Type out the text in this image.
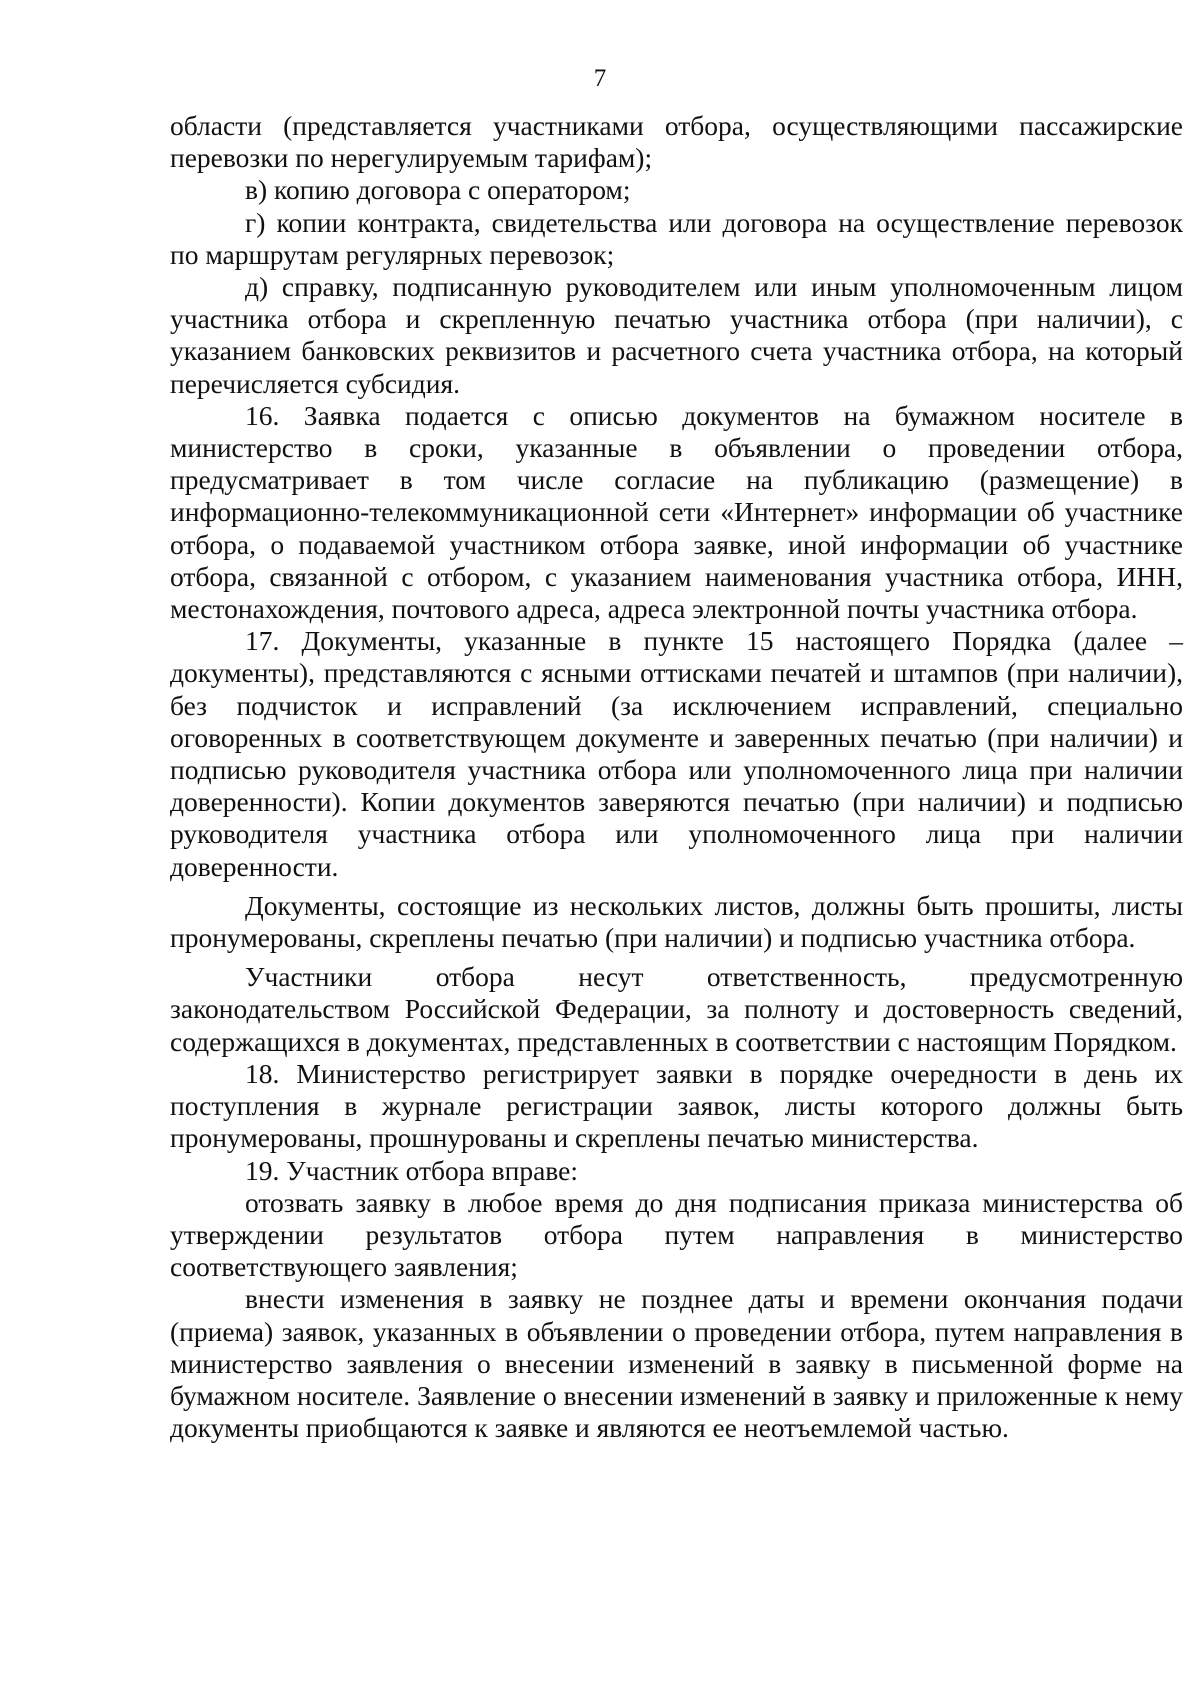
7

области (представляется участниками отбора, осуществляющими пассажирские перевозки по нерегулируемым тарифам);

в) копию договора с оператором;

г) копии контракта, свидетельства или договора на осуществление перевозок по маршрутам регулярных перевозок;

д) справку, подписанную руководителем или иным уполномоченным лицом участника отбора и скрепленную печатью участника отбора (при наличии), с указанием банковских реквизитов и расчетного счета участника отбора, на который перечисляется субсидия.

16. Заявка подается с описью документов на бумажном носителе в министерство в сроки, указанные в объявлении о проведении отбора, предусматривает в том числе согласие на публикацию (размещение) в информационно-телекоммуникационной сети «Интернет» информации об участнике отбора, о подаваемой участником отбора заявке, иной информации об участнике отбора, связанной с отбором, с указанием наименования участника отбора, ИНН, местонахождения, почтового адреса, адреса электронной почты участника отбора.

17. Документы, указанные в пункте 15 настоящего Порядка (далее – документы), представляются с ясными оттисками печатей и штампов (при наличии), без подчисток и исправлений (за исключением исправлений, специально оговоренных в соответствующем документе и заверенных печатью (при наличии) и подписью руководителя участника отбора или уполномоченного лица при наличии доверенности). Копии документов заверяются печатью (при наличии) и подписью руководителя участника отбора или уполномоченного лица при наличии доверенности.

Документы, состоящие из нескольких листов, должны быть прошиты, листы пронумерованы, скреплены печатью (при наличии) и подписью участника отбора.

Участники отбора несут ответственность, предусмотренную законодательством Российской Федерации, за полноту и достоверность сведений, содержащихся в документах, представленных в соответствии с настоящим Порядком.

18. Министерство регистрирует заявки в порядке очередности в день их поступления в журнале регистрации заявок, листы которого должны быть пронумерованы, прошнурованы и скреплены печатью министерства.

19. Участник отбора вправе:

отозвать заявку в любое время до дня подписания приказа министерства об утверждении результатов отбора путем направления в министерство соответствующего заявления;

внести изменения в заявку не позднее даты и времени окончания подачи (приема) заявок, указанных в объявлении о проведении отбора, путем направления в министерство заявления о внесении изменений в заявку в письменной форме на бумажном носителе. Заявление о внесении изменений в заявку и приложенные к нему документы приобщаются к заявке и являются ее неотъемлемой частью.
